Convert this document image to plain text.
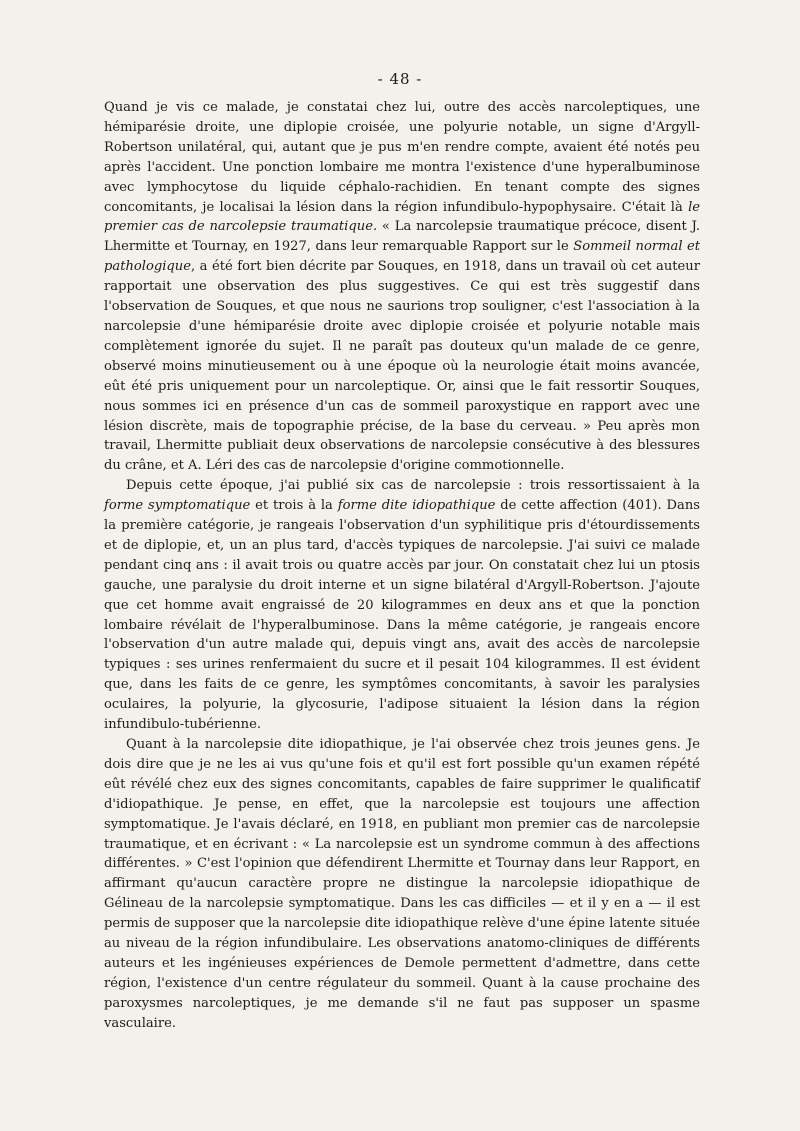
- 48 -

Quand je vis ce malade, je constatai chez lui, outre des accès narcoleptiques, une hémiparésie droite, une diplopie croisée, une polyurie notable, un signe d'Argyll-Robertson unilatéral, qui, autant que je pus m'en rendre compte, avaient été notés peu après l'accident. Une ponction lombaire me montra l'existence d'une hyperalbuminose avec lymphocytose du liquide céphalo-rachidien. En tenant compte des signes concomitants, je localisai la lésion dans la région infundibulo-hypophysaire. C'était là le premier cas de narcolepsie traumatique. « La narcolepsie traumatique précoce, disent J. Lhermitte et Tournay, en 1927, dans leur remarquable Rapport sur le Sommeil normal et pathologique, a été fort bien décrite par Souques, en 1918, dans un travail où cet auteur rapportait une observation des plus suggestives. Ce qui est très suggestif dans l'observation de Souques, et que nous ne saurions trop souligner, c'est l'association à la narcolepsie d'une hémiparésie droite avec diplopie croisée et polyurie notable mais complètement ignorée du sujet. Il ne paraît pas douteux qu'un malade de ce genre, observé moins minutieusement ou à une époque où la neurologie était moins avancée, eût été pris uniquement pour un narcoleptique. Or, ainsi que le fait ressortir Souques, nous sommes ici en présence d'un cas de sommeil paroxystique en rapport avec une lésion discrète, mais de topographie précise, de la base du cerveau. » Peu après mon travail, Lhermitte publiait deux observations de narcolepsie consécutive à des blessures du crâne, et A. Léri des cas de narcolepsie d'origine commotionnelle.

Depuis cette époque, j'ai publié six cas de narcolepsie : trois ressortissaient à la forme symptomatique et trois à la forme dite idiopathique de cette affection (401). Dans la première catégorie, je rangeais l'observation d'un syphilitique pris d'étourdissements et de diplopie, et, un an plus tard, d'accès typiques de narcolepsie. J'ai suivi ce malade pendant cinq ans : il avait trois ou quatre accès par jour. On constatait chez lui un ptosis gauche, une paralysie du droit interne et un signe bilatéral d'Argyll-Robertson. J'ajoute que cet homme avait engraissé de 20 kilogrammes en deux ans et que la ponction lombaire révélait de l'hyperalbuminose. Dans la même catégorie, je rangeais encore l'observation d'un autre malade qui, depuis vingt ans, avait des accès de narcolepsie typiques : ses urines renfermaient du sucre et il pesait 104 kilogrammes. Il est évident que, dans les faits de ce genre, les symptômes concomitants, à savoir les paralysies oculaires, la polyurie, la glycosurie, l'adipose situaient la lésion dans la région infundibulo-tubérienne.

Quant à la narcolepsie dite idiopathique, je l'ai observée chez trois jeunes gens. Je dois dire que je ne les ai vus qu'une fois et qu'il est fort possible qu'un examen répété eût révélé chez eux des signes concomitants, capables de faire supprimer le qualificatif d'idiopathique. Je pense, en effet, que la narcolepsie est toujours une affection symptomatique. Je l'avais déclaré, en 1918, en publiant mon premier cas de narcolepsie traumatique, et en écrivant : « La narcolepsie est un syndrome commun à des affections différentes. » C'est l'opinion que défendirent Lhermitte et Tournay dans leur Rapport, en affirmant qu'aucun caractère propre ne distingue la narcolepsie idiopathique de Gélineau de la narcolepsie symptomatique. Dans les cas difficiles — et il y en a — il est permis de supposer que la narcolepsie dite idiopathique relève d'une épine latente située au niveau de la région infundibulaire. Les observations anatomo-cliniques de différents auteurs et les ingénieuses expériences de Demole permettent d'admettre, dans cette région, l'existence d'un centre régulateur du sommeil. Quant à la cause prochaine des paroxysmes narcoleptiques, je me demande s'il ne faut pas supposer un spasme vasculaire.
